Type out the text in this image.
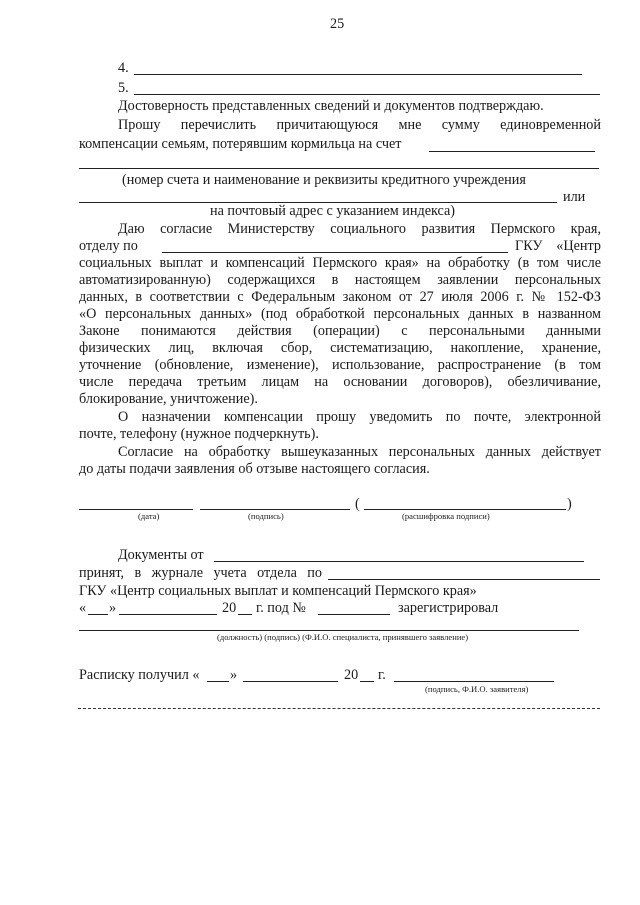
25
4.
5.
Достоверность представленных сведений и документов подтверждаю.
Прошу перечислить причитающуюся мне сумму единовременной
компенсации семьям, потерявшим кормильца на счет
(номер счета и наименование и реквизиты кредитного учреждения
или
на почтовый адрес с указанием индекса)
Даю согласие Министерству социального развития Пермского края,
отделу по	ГКУ «Центр
социальных выплат и компенсаций Пермского края» на обработку (в том числе
автоматизированную) содержащихся в настоящем заявлении персональных
данных, в соответствии с Федеральным законом от 27 июля 2006 г. № 152-ФЗ
«О персональных данных» (под обработкой персональных данных в названном
Законе понимаются действия (операции) с персональными данными
физических лиц, включая сбор, систематизацию, накопление, хранение,
уточнение (обновление, изменение), использование, распространение (в том
числе передача третьим лицам на основании договоров), обезличивание,
блокирование, уничтожение).
О назначении компенсации прошу уведомить по почте, электронной
почте, телефону (нужное подчеркнуть).
Согласие на обработку вышеуказанных персональных данных действует
до даты подачи заявления об отзыве настоящего согласия.
(	)
(дата)	(подпись)	(расшифровка подписи)
Документы от
принят, в журнале учета отдела по
ГКУ «Центр социальных выплат и компенсаций Пермского края»
« »	20 г. под №	зарегистрировал
(должность) (подпись) (Ф.И.О. специалиста, принявшего заявление)
Расписку получил « »	20 г.
(подпись, Ф.И.О. заявителя)
